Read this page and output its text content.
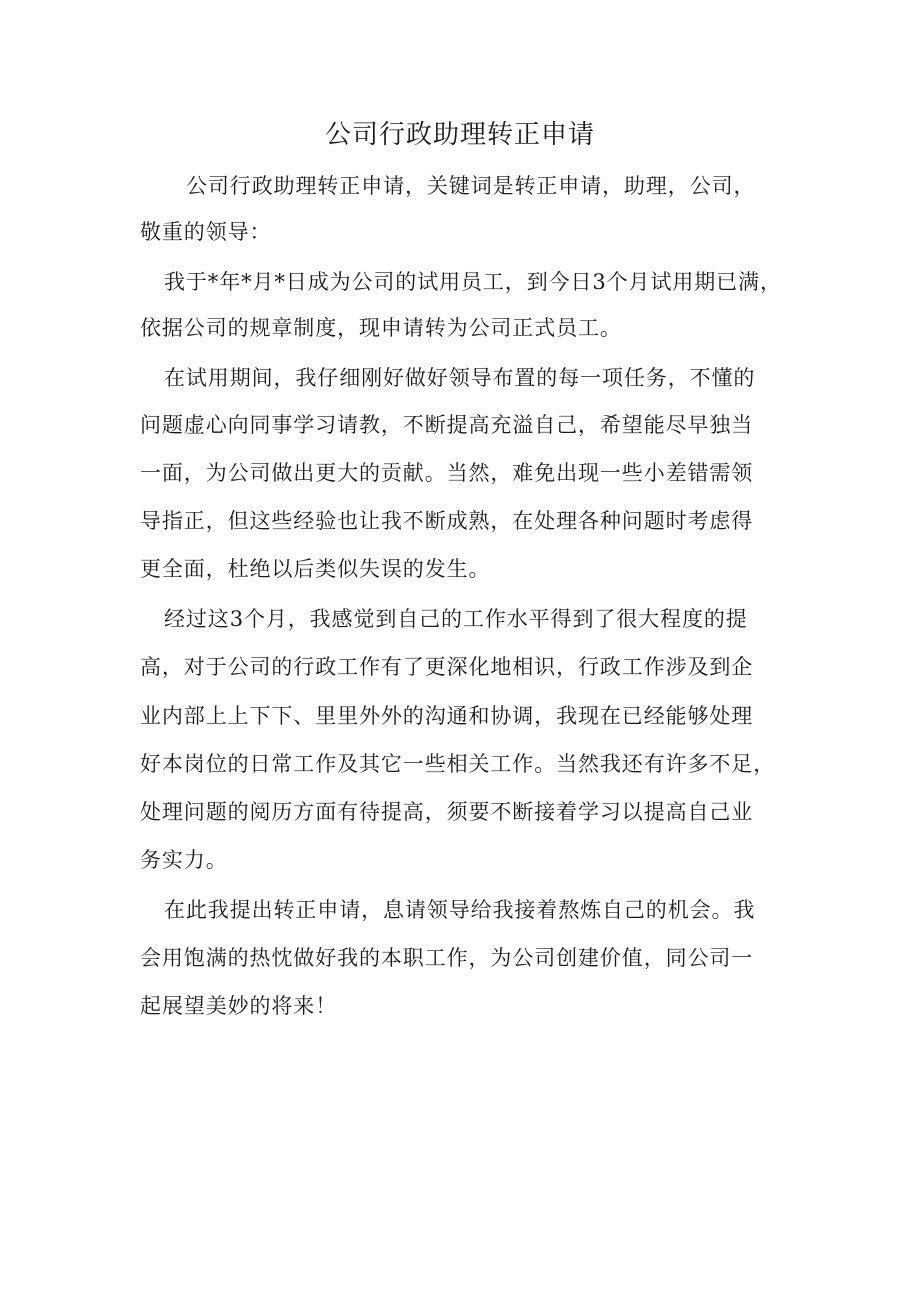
公司行政助理转正申请

公司行政助理转正申请，关键词是转正申请，助理，公司，

敬重的领导：

我于*年*月*日成为公司的试用员工，到今日3个月试用期已满，

依据公司的规章制度，现申请转为公司正式员工。

在试用期间，我仔细刚好做好领导布置的每一项任务，不懂的

问题虚心向同事学习请教，不断提高充溢自己，希望能尽早独当

一面，为公司做出更大的贡献。当然，难免出现一些小差错需领

导指正，但这些经验也让我不断成熟，在处理各种问题时考虑得

更全面，杜绝以后类似失误的发生。

经过这3个月，我感觉到自己的工作水平得到了很大程度的提

高，对于公司的行政工作有了更深化地相识，行政工作涉及到企

业内部上上下下、里里外外的沟通和协调，我现在已经能够处理

好本岗位的日常工作及其它一些相关工作。当然我还有许多不足，

处理问题的阅历方面有待提高，须要不断接着学习以提高自己业

务实力。

在此我提出转正申请，息请领导给我接着熬炼自己的机会。我

会用饱满的热忱做好我的本职工作，为公司创建价值，同公司一

起展望美妙的将来！
